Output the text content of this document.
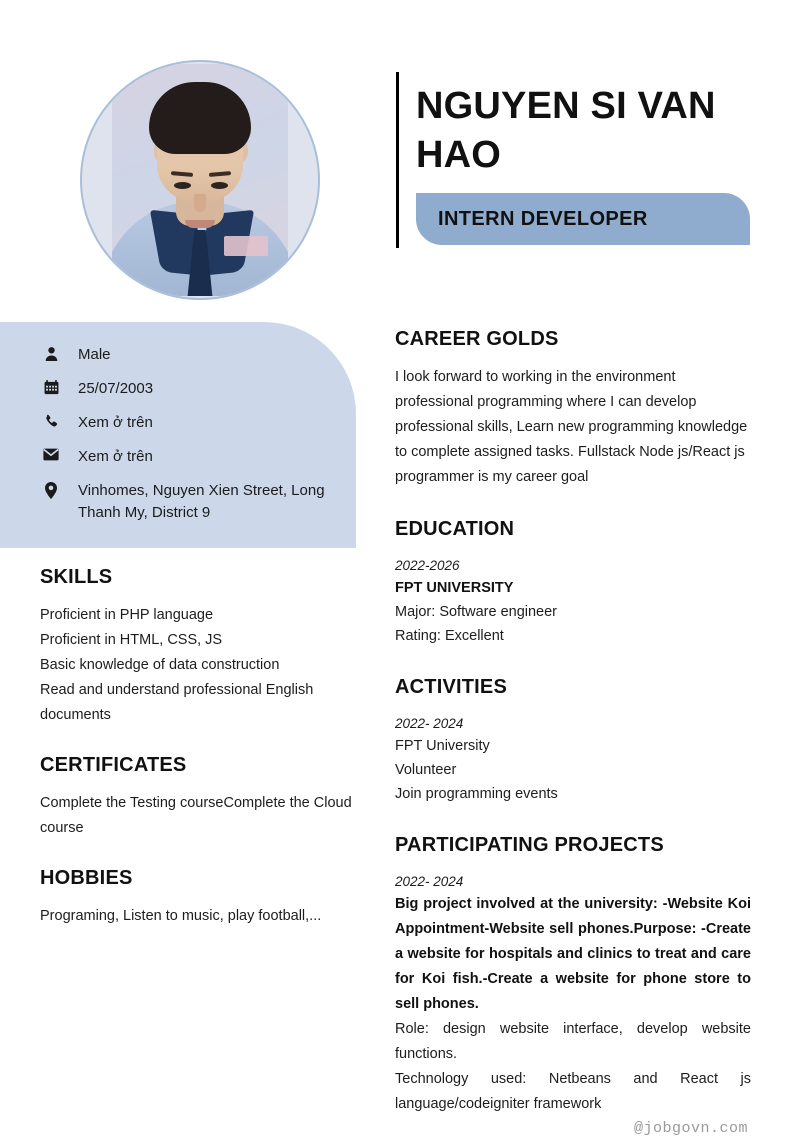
NGUYEN SI VAN HAO
INTERN DEVELOPER
Male
25/07/2003
Xem ở trên
Xem ở trên
Vinhomes, Nguyen Xien Street, Long Thanh My, District 9
SKILLS
Proficient in PHP language
Proficient in HTML, CSS, JS
Basic knowledge of data construction
Read and understand professional English documents
CERTIFICATES

Complete the Testing courseComplete the Cloud course

HOBBIES

Programing, Listen to music, play football,...

CAREER GOLDS

I look forward to working in the environment professional programming where I can develop professional skills, Learn new programming knowledge to complete assigned tasks. Fullstack Node js/React js programmer is my career goal

EDUCATION
2022-2026
FPT UNIVERSITY
Major: Software engineer
Rating: Excellent
ACTIVITIES
2022- 2024
FPT University
Volunteer
Join programming events
PARTICIPATING PROJECTS
2022- 2024

Big project involved at the university: -Website Koi Appointment-Website sell phones.Purpose: -Create a website for hospitals and clinics to treat and care for Koi fish.-Create a website for phone store to sell phones.

Role: design website interface, develop website functions.

Technology used: Netbeans and React js language/codeigniter framework

@jobgovn.com
